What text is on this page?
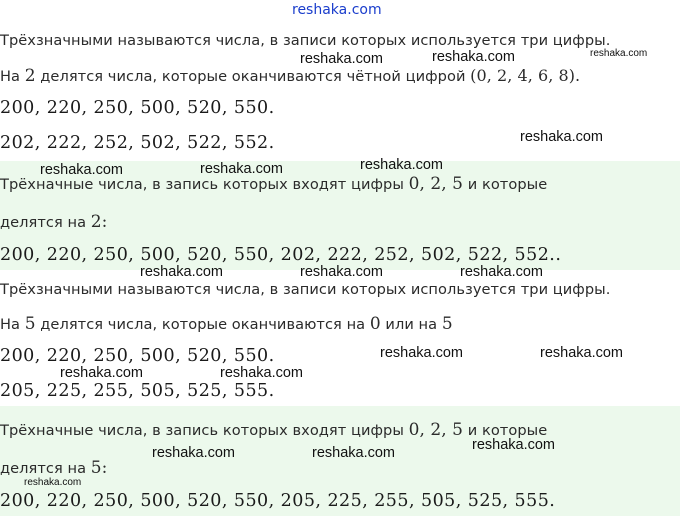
reshaka.com
Трёхзначными называются числа, в записи которых используется три цифры.
На 2 делятся числа, которые оканчиваются чётной цифрой (0, 2, 4, 6, 8).
200, 220, 250, 500, 520, 550.
202, 222, 252, 502, 522, 552.
Трёхначные числа, в запись которых входят цифры 0, 2, 5 и которые
делятся на 2:
200, 220, 250, 500, 520, 550, 202, 222, 252, 502, 522, 552..
Трёхзначными называются числа, в записи которых используется три цифры.
На 5 делятся числа, которые оканчиваются на 0 или на 5
200, 220, 250, 500, 520, 550.
205, 225, 255, 505, 525, 555.
Трёхначные числа, в запись которых входят цифры 0, 2, 5 и которые
делятся на 5:
200, 220, 250, 500, 520, 550, 205, 225, 255, 505, 525, 555.
reshaka.com	reshaka.com	reshaka.com
reshaka.com
reshaka.com	reshaka.com	reshaka.com
reshaka.com	reshaka.com	reshaka.com
reshaka.com	reshaka.com
reshaka.com	reshaka.com
reshaka.com
reshaka.com	reshaka.com
reshaka.com
